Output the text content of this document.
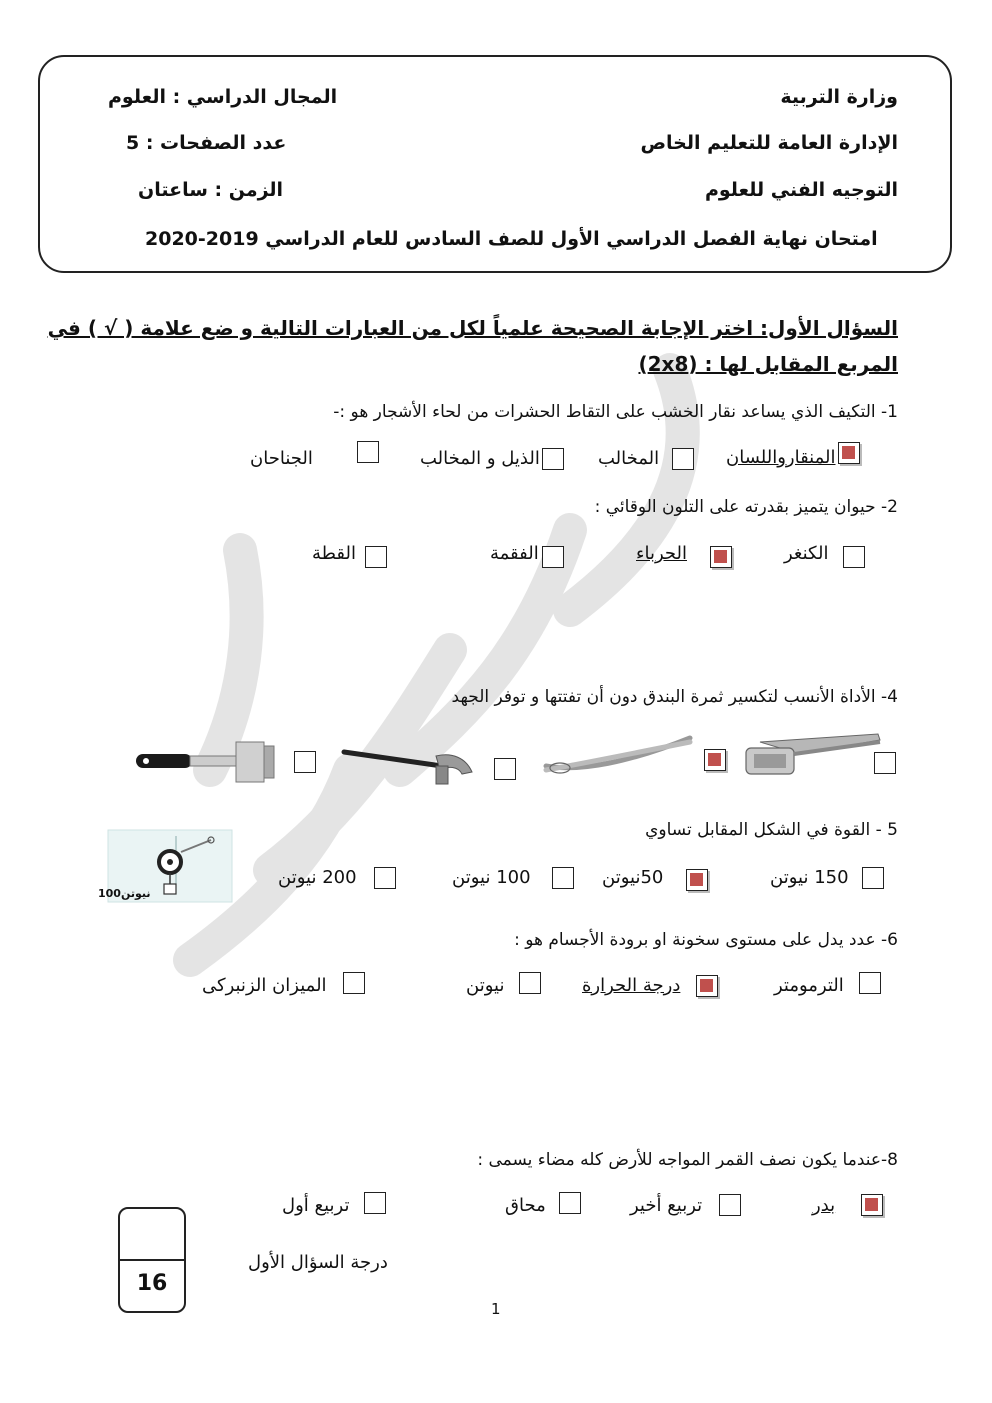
وزارة التربية
الإدارة العامة للتعليم الخاص
التوجيه الفني للعلوم
المجال الدراسي : العلوم
عدد الصفحات : 5
الزمن : ساعتان
امتحان نهاية الفصل الدراسي الأول للصف السادس للعام الدراسي 2019-2020
السؤال الأول: اختر الإجابة الصحيحة علمياً لكل من العبارات التالية و ضع علامة ( √ ) في
المربع المقابل لها : (2x8)
1- التكيف الذي يساعد نقار الخشب على التقاط الحشرات من لحاء الأشجار هو :-
المنقارواللسان
المخالب
الذيل و المخالب
الجناحان
2- حيوان يتميز بقدرته على التلون الوقائي :
الكنغر
الحرباء
الفقمة
القطة
4- الأداة الأنسب لتكسير ثمرة البندق دون أن تفتتها و توفر الجهد
5 - القوة في الشكل المقابل تساوي
100نيوتن
150 نيوتن
50نيوتن
100 نيوتن
200 نيوتن
6- عدد يدل على مستوى سخونة او برودة الأجسام هو :
الترمومتر
درجة الحرارة
نيوتن
الميزان الزنبركى
8-عندما يكون نصف القمر المواجه للأرض كله مضاء يسمى :
بدر
تربيع أخير
محاق
تربيع أول
16
درجة السؤال الأول
1
